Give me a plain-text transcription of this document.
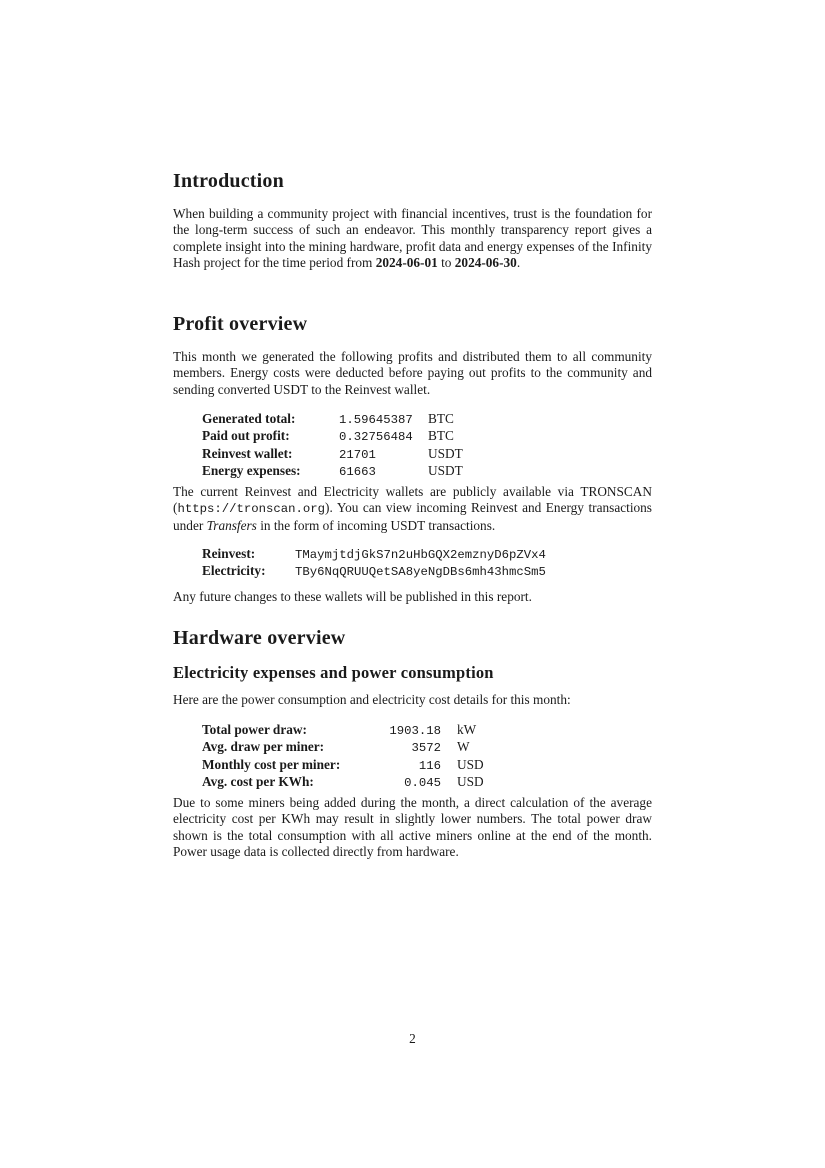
Introduction

When building a community project with financial incentives, trust is the foundation for the long-term success of such an endeavor. This monthly transparency report gives a complete insight into the mining hardware, profit data and energy expenses of the Infinity Hash project for the time period from 2024-06-01 to 2024-06-30.

Profit overview

This month we generated the following profits and distributed them to all community members. Energy costs were deducted before paying out profits to the community and sending converted USDT to the Reinvest wallet.

Generated total:	1.59645387	BTC
Paid out profit:	0.32756484	BTC
Reinvest wallet:	21701	USDT
Energy expenses:	61663	USDT

The current Reinvest and Electricity wallets are publicly available via TRONSCAN (https://tronscan.org). You can view incoming Reinvest and Energy transactions under Transfers in the form of incoming USDT transactions.

Reinvest:	TMaymjtdjGkS7n2uHbGQX2emznyD6pZVx4
Electricity:	TBy6NqQRUUQetSA8yeNgDBs6mh43hmcSm5

Any future changes to these wallets will be published in this report.

Hardware overview
Electricity expenses and power consumption

Here are the power consumption and electricity cost details for this month:

Total power draw:	1903.18	kW
Avg. draw per miner:	3572	W
Monthly cost per miner:	116	USD
Avg. cost per KWh:	0.045	USD

Due to some miners being added during the month, a direct calculation of the average electricity cost per KWh may result in slightly lower numbers. The total power draw shown is the total consumption with all active miners online at the end of the month. Power usage data is collected directly from hardware.

2
